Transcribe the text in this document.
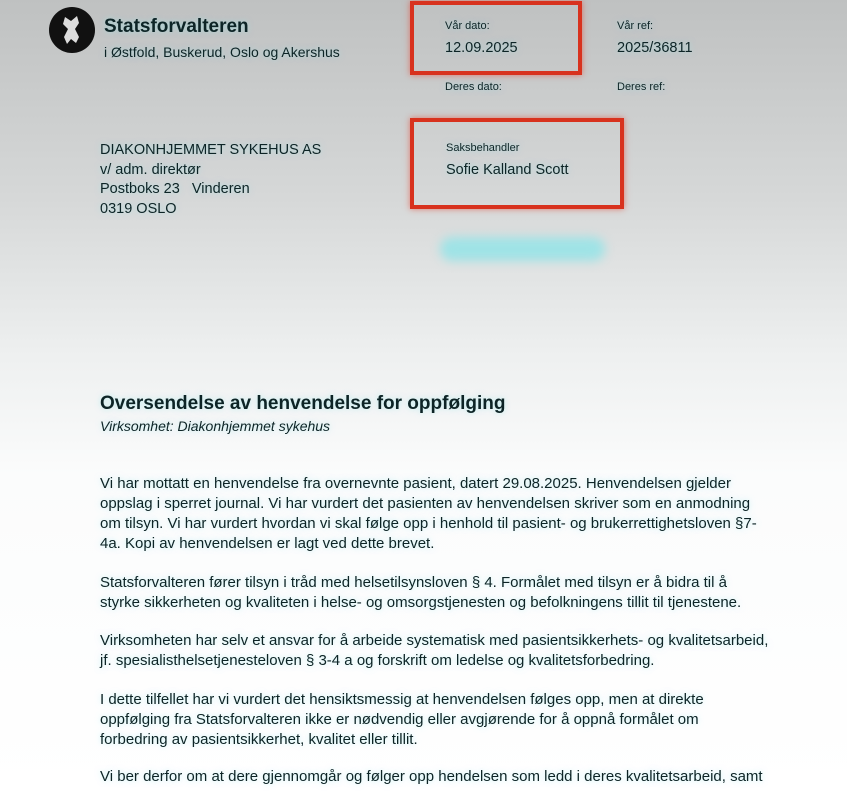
Statsforvalteren
i Østfold, Buskerud, Oslo og Akershus
Vår dato:
12.09.2025
Vår ref:
2025/36811
Deres dato:	Deres ref:
Saksbehandler
Sofie Kalland Scott
DIAKONHJEMMET SYKEHUS AS
v/ adm. direktør
Postboks 23   Vinderen
0319 OSLO
Oversendelse av henvendelse for oppfølging
Virksomhet: Diakonhjemmet sykehus
Vi har mottatt en henvendelse fra overnevnte pasient, datert 29.08.2025. Henvendelsen gjelder
oppslag i sperret journal. Vi har vurdert det pasienten av henvendelsen skriver som en anmodning
om tilsyn. Vi har vurdert hvordan vi skal følge opp i henhold til pasient- og brukerrettighetsloven §7-
4a. Kopi av henvendelsen er lagt ved dette brevet.
Statsforvalteren fører tilsyn i tråd med helsetilsynsloven § 4. Formålet med tilsyn er å bidra til å
styrke sikkerheten og kvaliteten i helse- og omsorgstjenesten og befolkningens tillit til tjenestene.
Virksomheten har selv et ansvar for å arbeide systematisk med pasientsikkerhets- og kvalitetsarbeid,
jf. spesialisthelsetjenesteloven § 3-4 a og forskrift om ledelse og kvalitetsforbedring.
I dette tilfellet har vi vurdert det hensiktsmessig at henvendelsen følges opp, men at direkte
oppfølging fra Statsforvalteren ikke er nødvendig eller avgjørende for å oppnå formålet om
forbedring av pasientsikkerhet, kvalitet eller tillit.
Vi ber derfor om at dere gjennomgår og følger opp hendelsen som ledd i deres kvalitetsarbeid, samt
